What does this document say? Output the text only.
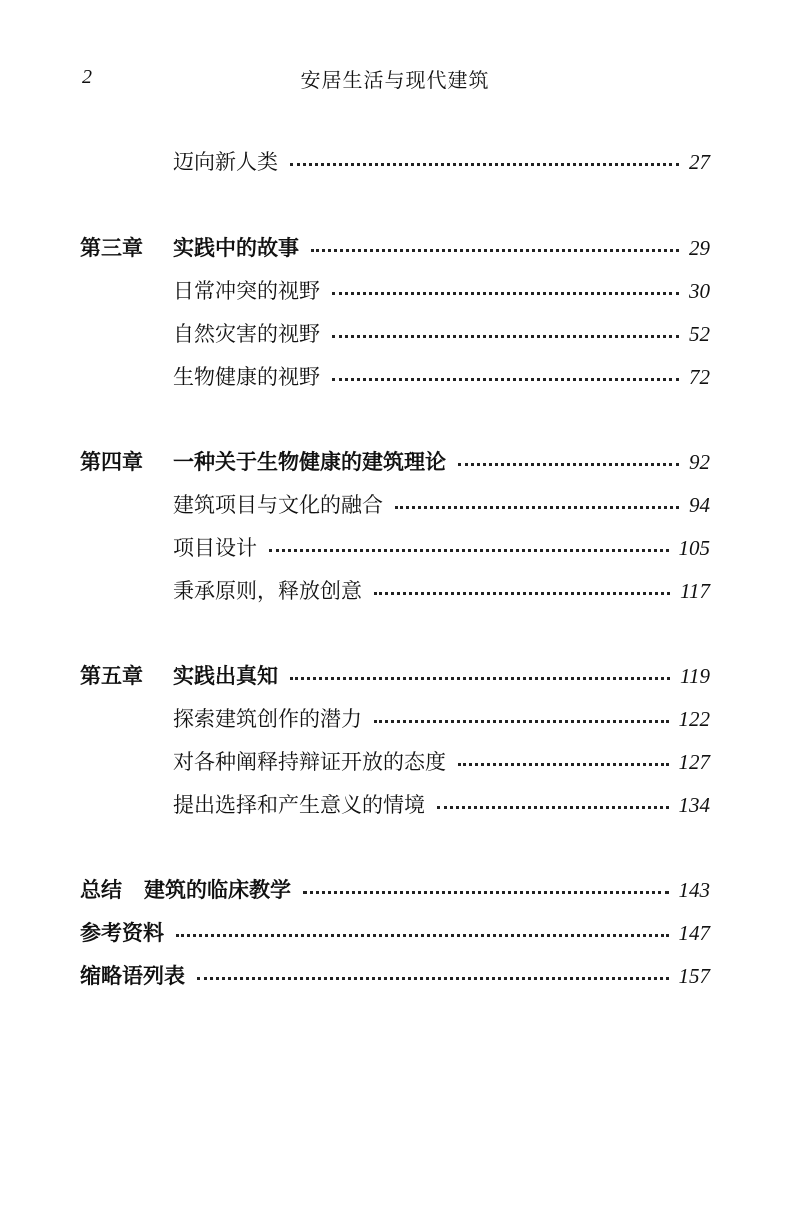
2	安居生活与现代建筑
迈向新人类	27
第三章	实践中的故事	29
日常冲突的视野	30
自然灾害的视野	52
生物健康的视野	72
第四章	一种关于生物健康的建筑理论	92
建筑项目与文化的融合	94
项目设计	105
秉承原则，释放创意	117
第五章	实践出真知	119
探索建筑创作的潜力	122
对各种阐释持辩证开放的态度	127
提出选择和产生意义的情境	134
总结 建筑的临床教学	143
参考资料	147
缩略语列表	157
